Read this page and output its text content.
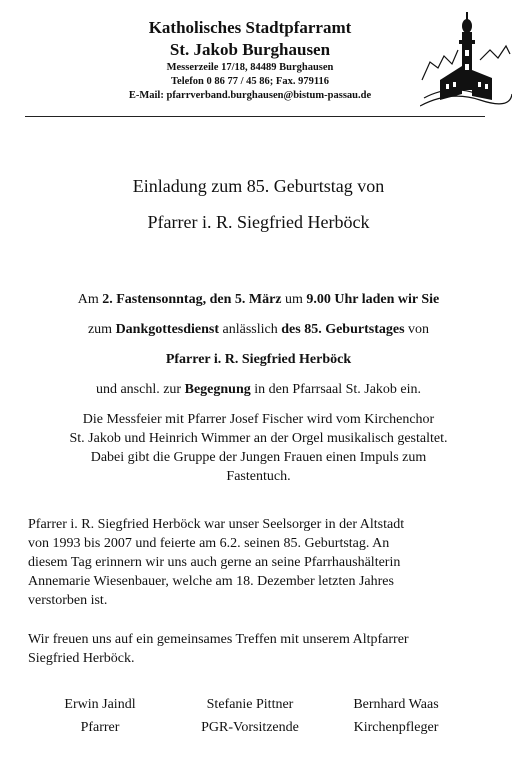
Katholisches Stadtpfarramt
St. Jakob Burghausen
Messerzeile 17/18, 84489 Burghausen
Telefon 0 86 77 / 45 86; Fax. 979116
E-Mail: pfarrverband.burghausen@bistum-passau.de
Einladung zum 85. Geburtstag von
Pfarrer i. R. Siegfried Herböck
Am 2. Fastensonntag, den 5. März um 9.00 Uhr laden wir Sie
zum Dankgottesdienst anlässlich des 85. Geburtstages von
Pfarrer i. R. Siegfried Herböck
und anschl. zur Begegnung in den Pfarrsaal St. Jakob ein.
Die Messfeier mit Pfarrer Josef Fischer wird vom Kirchenchor
St. Jakob und Heinrich Wimmer an der Orgel musikalisch gestaltet.
Dabei gibt die Gruppe der Jungen Frauen einen Impuls zum
Fastentuch.
Pfarrer i. R. Siegfried Herböck war unser Seelsorger in der Altstadt
von 1993 bis 2007 und feierte am 6.2. seinen 85. Geburtstag. An
diesem Tag erinnern wir uns auch gerne an seine Pfarrhaushälterin
Annemarie Wiesenbauer, welche am 18. Dezember letzten Jahres
verstorben ist.
Wir freuen uns auf ein gemeinsames Treffen mit unserem Altpfarrer
Siegfried Herböck.
Erwin Jaindl
Pfarrer
Stefanie Pittner
PGR-Vorsitzende
Bernhard Waas
Kirchenpfleger
